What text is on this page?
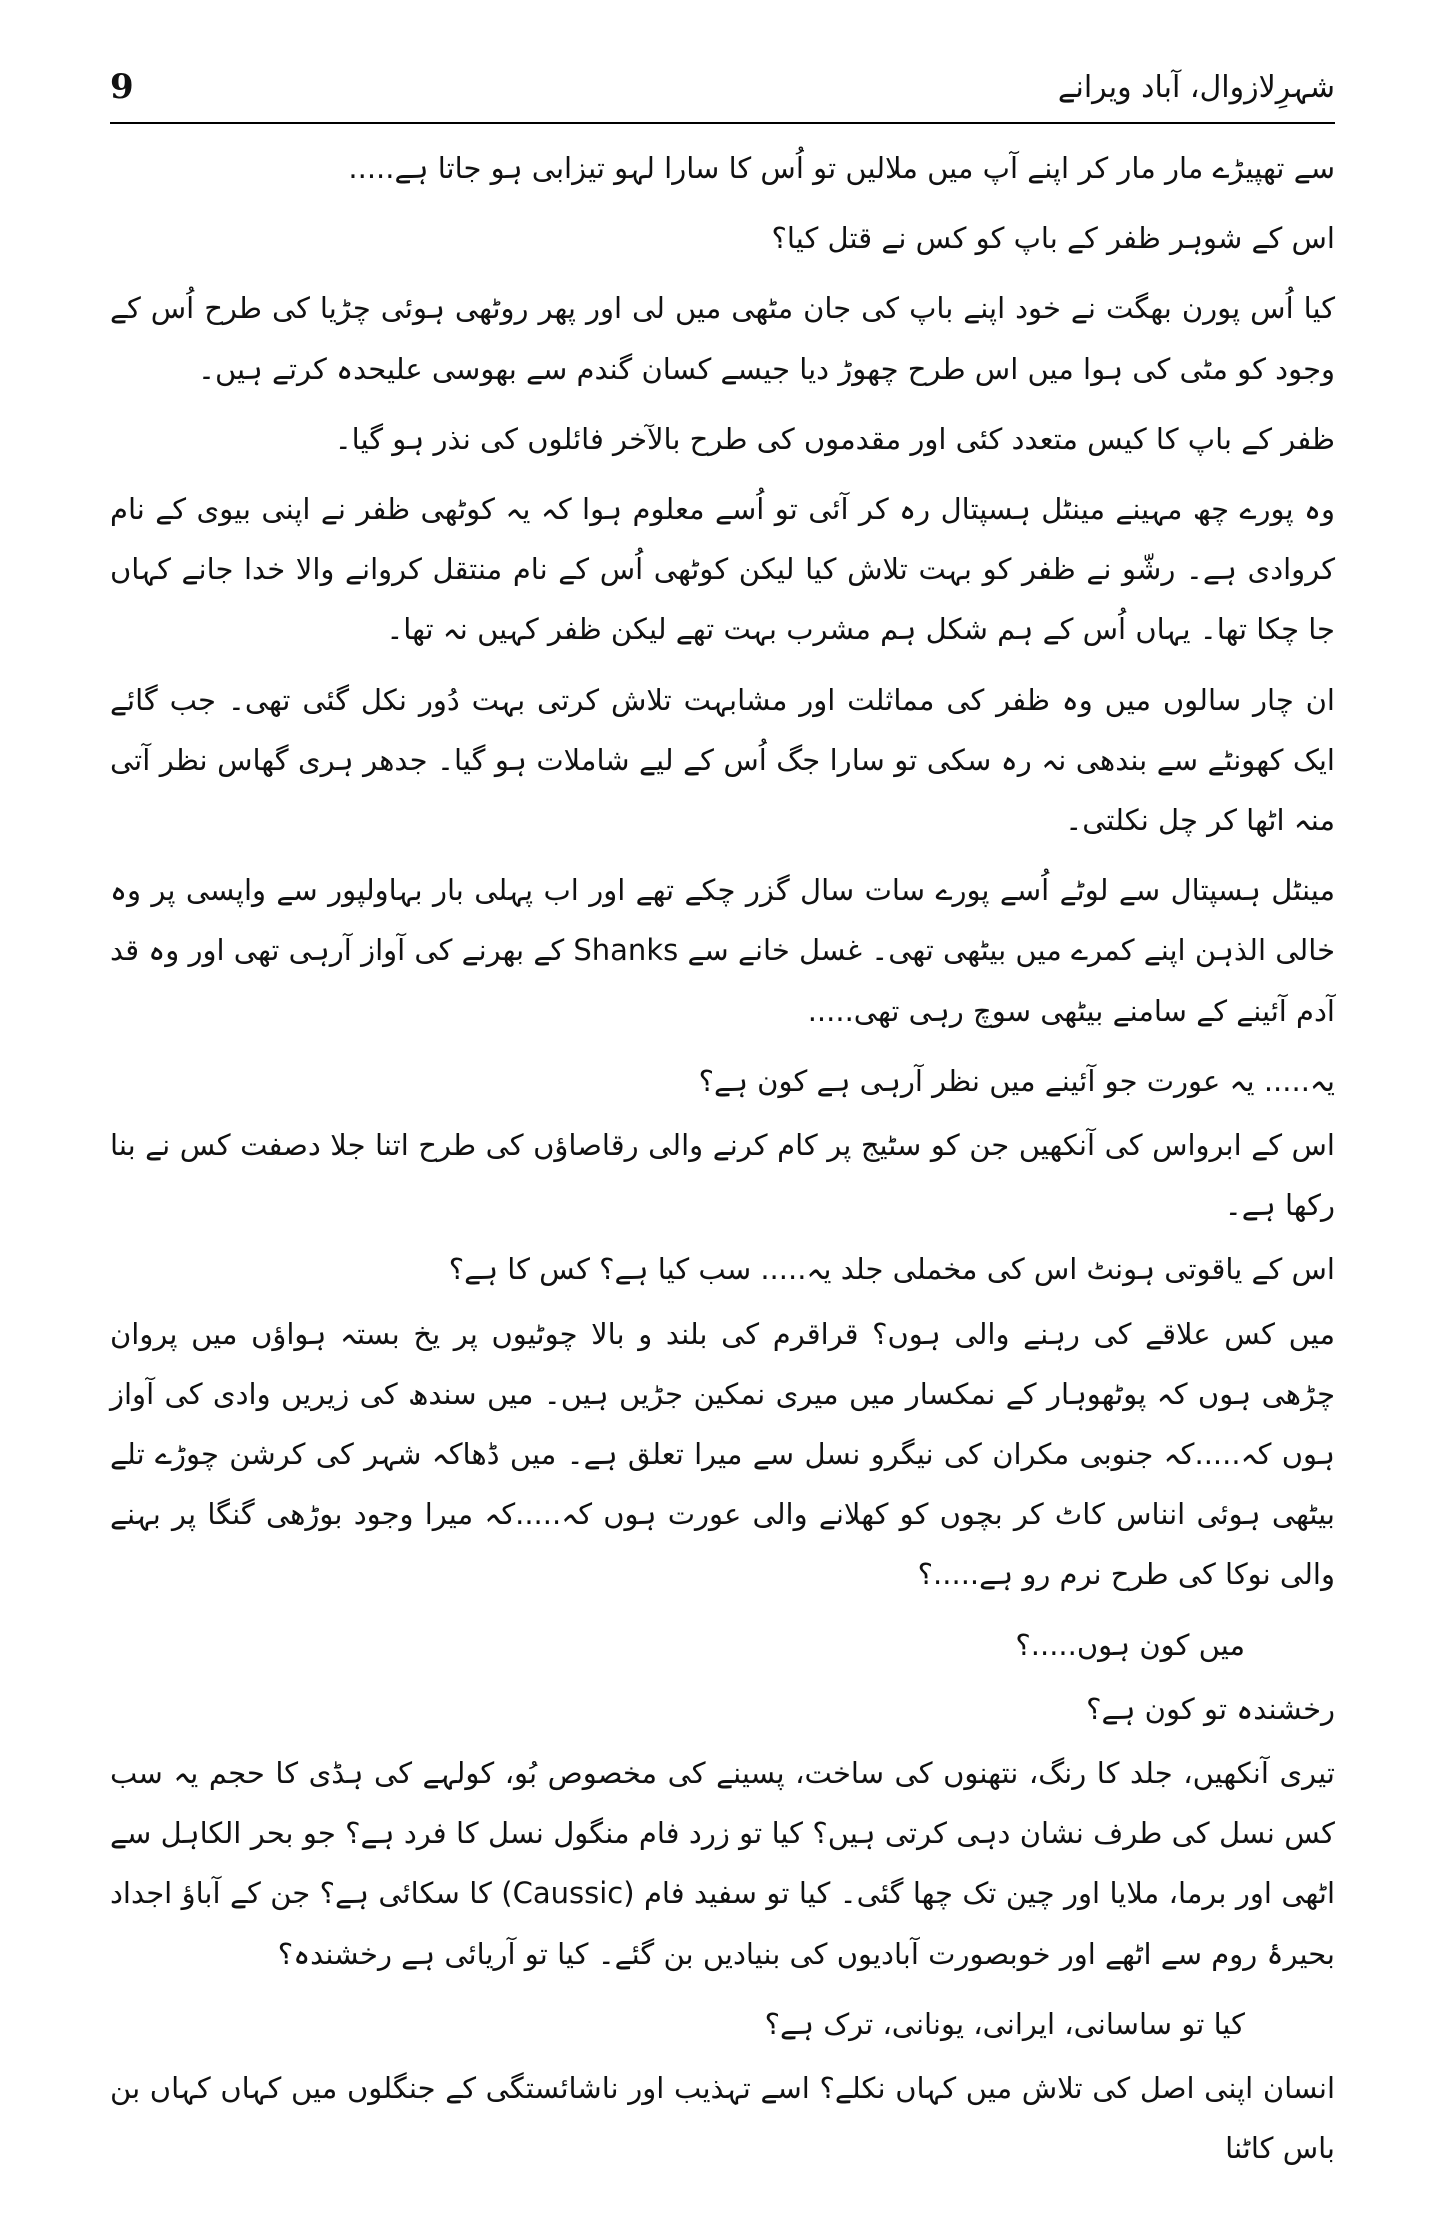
9	شہرِلازوال، آباد ویرانے

سے تھپیڑے مار مار کر اپنے آپ میں ملالیں تو اُس کا سارا لہو تیزابی ہو جاتا ہے.....

اس کے شوہر ظفر کے باپ کو کس نے قتل کیا؟

کیا اُس پورن بھگت نے خود اپنے باپ کی جان مٹھی میں لی اور پھر روٹھی ہوئی چڑیا کی طرح اُس کے وجود کو مٹی کی ہوا میں اس طرح چھوڑ دیا جیسے کسان گندم سے بھوسی علیحدہ کرتے ہیں۔

ظفر کے باپ کا کیس متعدد کئی اور مقدموں کی طرح بالآخر فائلوں کی نذر ہو گیا۔

وہ پورے چھ مہینے مینٹل ہسپتال رہ کر آئی تو اُسے معلوم ہوا کہ یہ کوٹھی ظفر نے اپنی بیوی کے نام کروادی ہے۔ رشّو نے ظفر کو بہت تلاش کیا لیکن کوٹھی اُس کے نام منتقل کروانے والا خدا جانے کہاں جا چکا تھا۔ یہاں اُس کے ہم شکل ہم مشرب بہت تھے لیکن ظفر کہیں نہ تھا۔

ان چار سالوں میں وہ ظفر کی مماثلت اور مشابہت تلاش کرتی بہت دُور نکل گئی تھی۔ جب گائے ایک کھونٹے سے بندھی نہ رہ سکی تو سارا جگ اُس کے لیے شاملات ہو گیا۔ جدھر ہری گھاس نظر آتی منہ اٹھا کر چل نکلتی۔

مینٹل ہسپتال سے لوٹے اُسے پورے سات سال گزر چکے تھے اور اب پہلی بار بہاولپور سے واپسی پر وہ خالی الذہن اپنے کمرے میں بیٹھی تھی۔ غسل خانے سے Shanks کے بھرنے کی آواز آرہی تھی اور وہ قد آدم آئینے کے سامنے بیٹھی سوچ رہی تھی.....

یہ..... یہ عورت جو آئینے میں نظر آرہی ہے کون ہے؟

اس کے ابرواس کی آنکھیں جن کو سٹیج پر کام کرنے والی رقاصاؤں کی طرح اتنا جلا دصفت کس نے بنا رکھا ہے۔

اس کے یاقوتی ہونٹ اس کی مخملی جلد یہ..... سب کیا ہے؟ کس کا ہے؟

میں کس علاقے کی رہنے والی ہوں؟ قراقرم کی بلند و بالا چوٹیوں پر یخ بستہ ہواؤں میں پروان چڑھی ہوں کہ پوٹھوہار کے نمکسار میں میری نمکین جڑیں ہیں۔ میں سندھ کی زیریں وادی کی آواز ہوں کہ.....کہ جنوبی مکران کی نیگرو نسل سے میرا تعلق ہے۔ میں ڈھاکہ شہر کی کرشن چوڑے تلے بیٹھی ہوئی انناس کاٹ کر بچوں کو کھلانے والی عورت ہوں کہ.....کہ میرا وجود بوڑھی گنگا پر بہنے والی نوکا کی طرح نرم رو ہے.....؟

میں کون ہوں.....؟

رخشندہ تو کون ہے؟

تیری آنکھیں، جلد کا رنگ، نتھنوں کی ساخت، پسینے کی مخصوص بُو، کولہے کی ہڈی کا حجم یہ سب کس نسل کی طرف نشان دہی کرتی ہیں؟ کیا تو زرد فام منگول نسل کا فرد ہے؟ جو بحر الکاہل سے اٹھی اور برما، ملایا اور چین تک چھا گئی۔ کیا تو سفید فام (Caussic) کا سکائی ہے؟ جن کے آباؤ اجداد بحیرۂ روم سے اٹھے اور خوبصورت آبادیوں کی بنیادیں بن گئے۔ کیا تو آریائی ہے رخشندہ؟

کیا تو ساسانی، ایرانی، یونانی، ترک ہے؟

انسان اپنی اصل کی تلاش میں کہاں نکلے؟ اسے تہذیب اور ناشائستگی کے جنگلوں میں کہاں کہاں بن باس کاٹنا
